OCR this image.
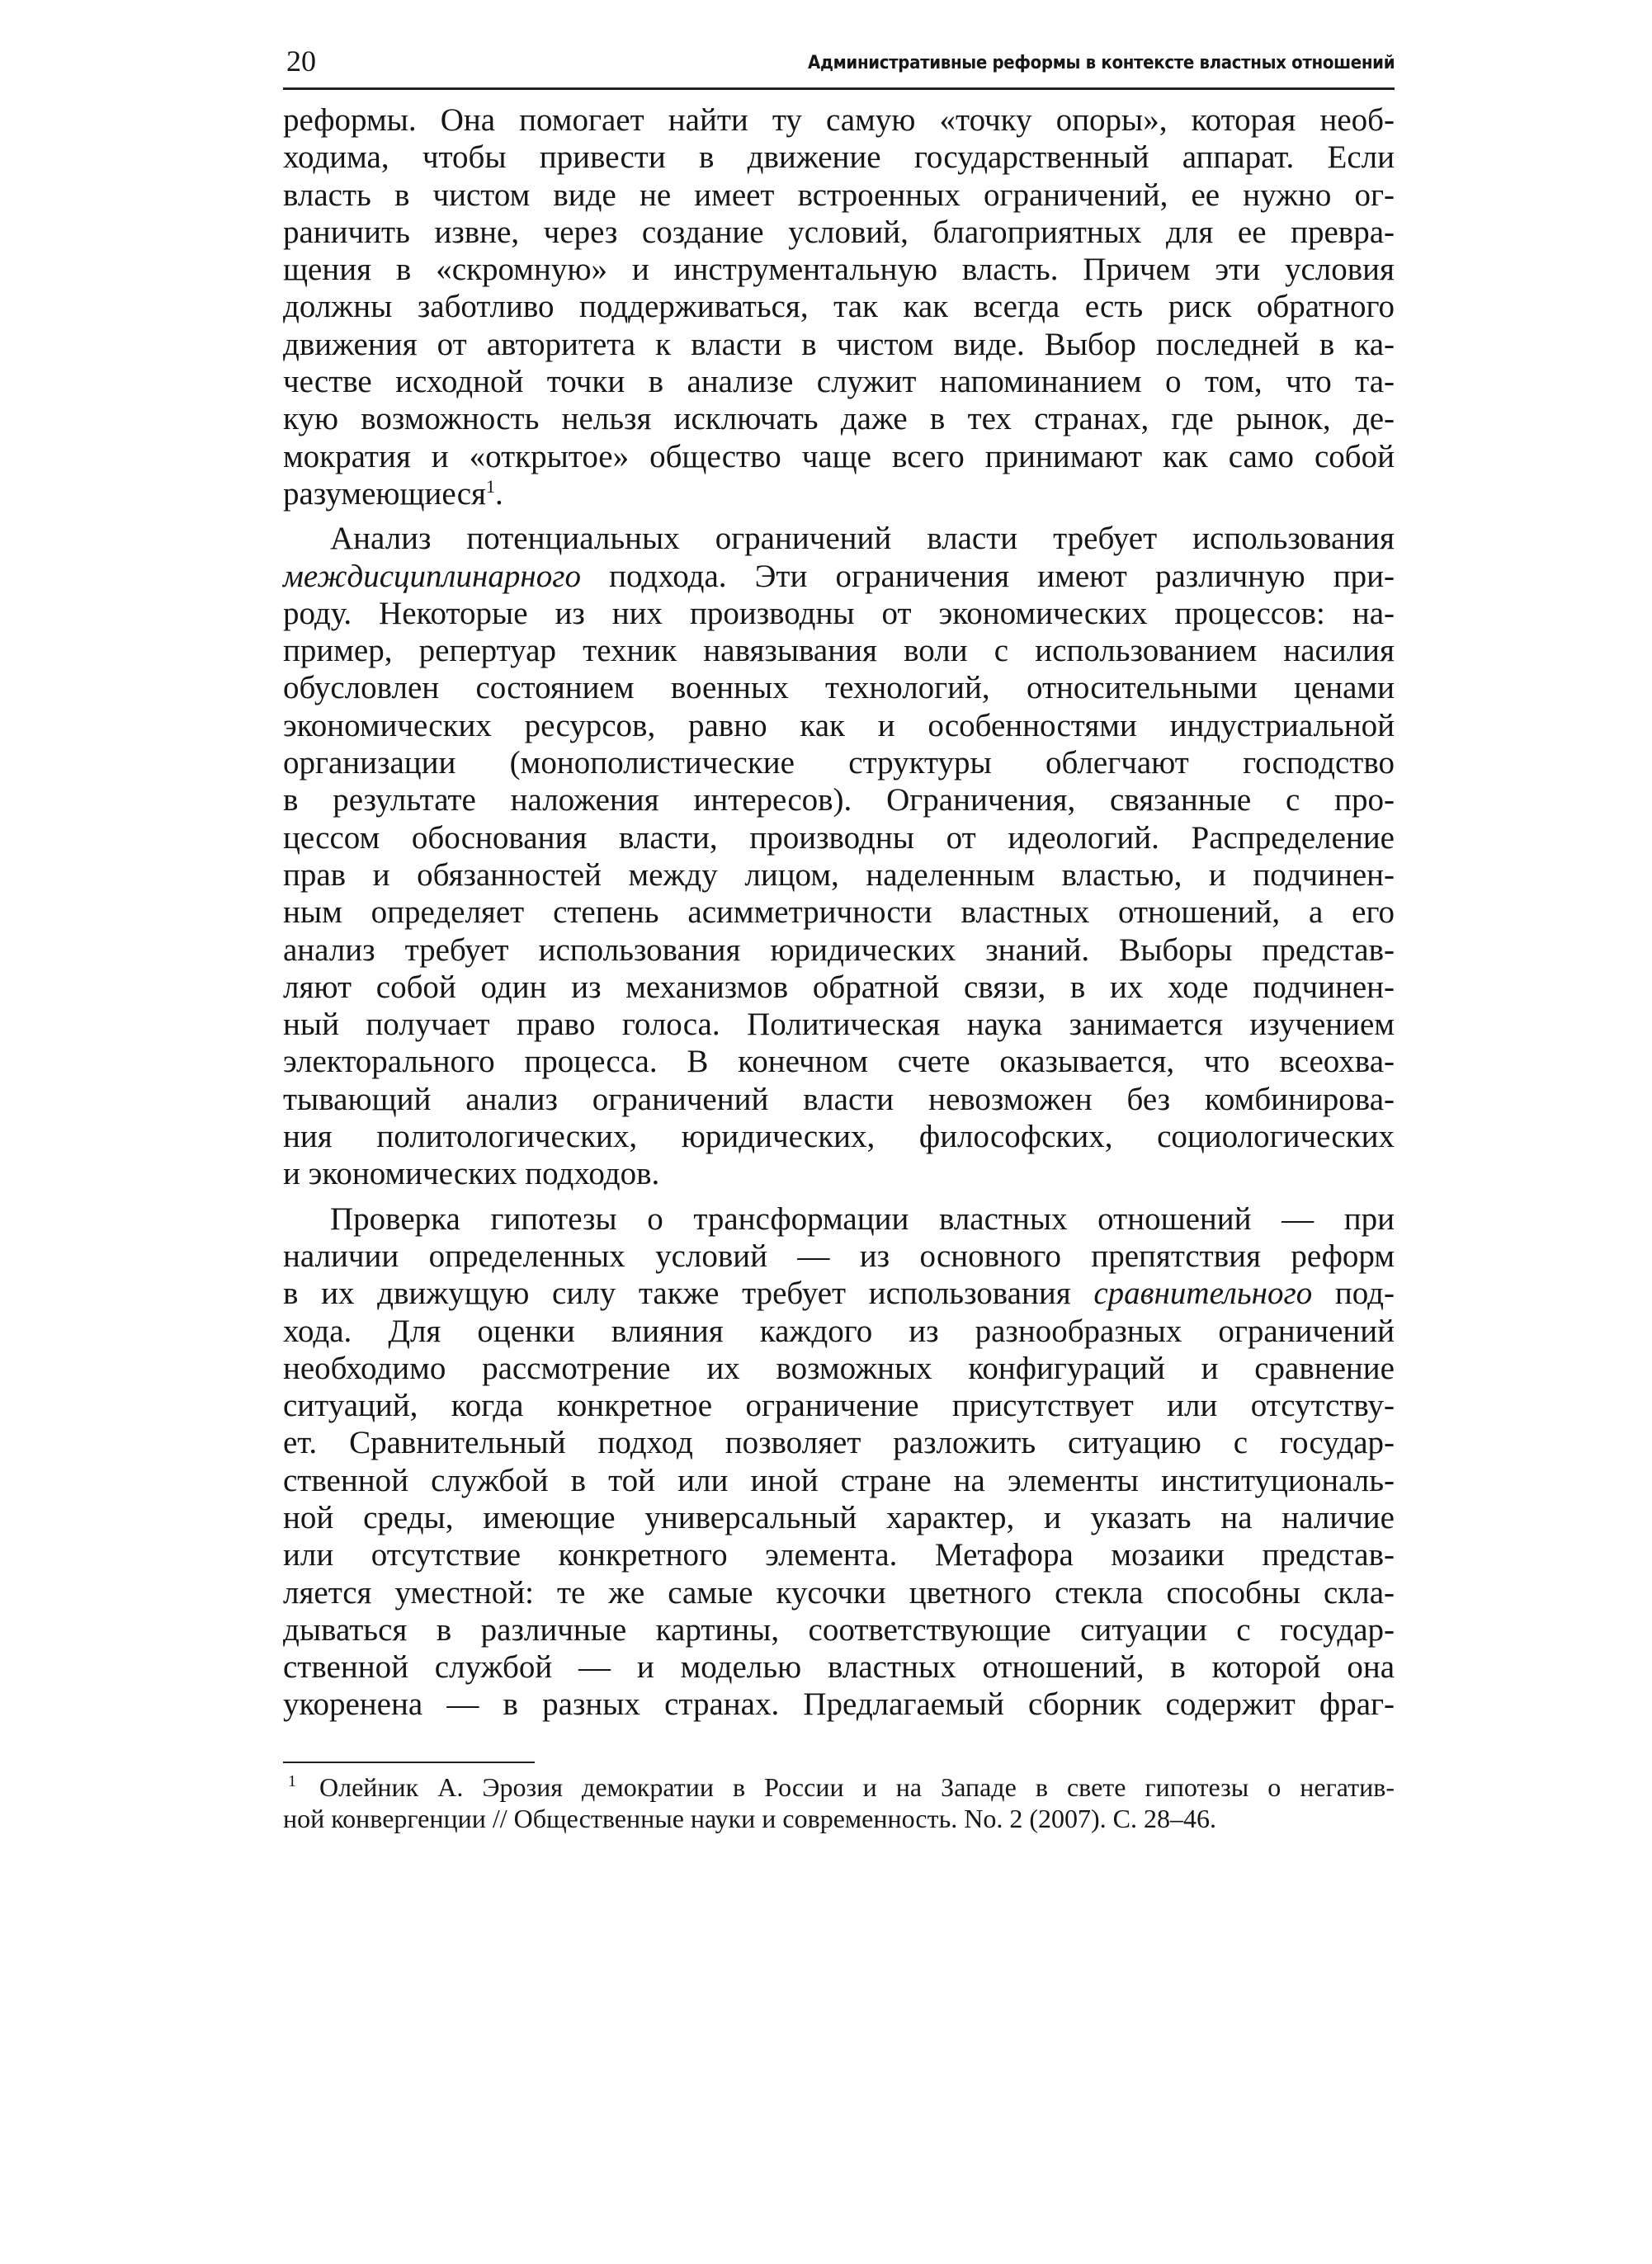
20	Административные реформы в контексте властных отношений
реформы. Она помогает найти ту самую «точку опоры», которая необ-
ходима, чтобы привести в движение государственный аппарат. Если
власть в чистом виде не имеет встроенных ограничений, ее нужно ог-
раничить извне, через создание условий, благоприятных для ее превра-
щения в «скромную» и инструментальную власть. Причем эти условия
должны заботливо поддерживаться, так как всегда есть риск обратного
движения от авторитета к власти в чистом виде. Выбор последней в ка-
честве исходной точки в анализе служит напоминанием о том, что та-
кую возможность нельзя исключать даже в тех странах, где рынок, де-
мократия и «открытое» общество чаще всего принимают как само собой
разумеющиеся$^1$.
Анализ потенциальных ограничений власти требует использования
междисциплинарного подхода. Эти ограничения имеют различную при-
роду. Некоторые из них производны от экономических процессов: на-
пример, репертуар техник навязывания воли с использованием насилия
обусловлен состоянием военных технологий, относительными ценами
экономических ресурсов, равно как и особенностями индустриальной
организации (монополистические структуры облегчают господство
в результате наложения интересов). Ограничения, связанные с про-
цессом обоснования власти, производны от идеологий. Распределение
прав и обязанностей между лицом, наделенным властью, и подчинен-
ным определяет степень асимметричности властных отношений, а его
анализ требует использования юридических знаний. Выборы представ-
ляют собой один из механизмов обратной связи, в их ходе подчинен-
ный получает право голоса. Политическая наука занимается изучением
электорального процесса. В конечном счете оказывается, что всеохва-
тывающий анализ ограничений власти невозможен без комбинирова-
ния политологических, юридических, философских, социологических
и экономических подходов.
Проверка гипотезы о трансформации властных отношений — при
наличии определенных условий — из основного препятствия реформ
в их движущую силу также требует использования сравнительного под-
хода. Для оценки влияния каждого из разнообразных ограничений
необходимо рассмотрение их возможных конфигураций и сравнение
ситуаций, когда конкретное ограничение присутствует или отсутству-
ет. Сравнительный подход позволяет разложить ситуацию с государ-
ственной службой в той или иной стране на элементы институциональ-
ной среды, имеющие универсальный характер, и указать на наличие
или отсутствие конкретного элемента. Метафора мозаики представ-
ляется уместной: те же самые кусочки цветного стекла способны скла-
дываться в различные картины, соответствующие ситуации с государ-
ственной службой — и моделью властных отношений, в которой она
укоренена — в разных странах. Предлагаемый сборник содержит фраг-
$^1$ Олейник А. Эрозия демократии в России и на Западе в свете гипотезы о негатив-
ной конвергенции // Общественные науки и современность. No. 2 (2007). С. 28–46.
